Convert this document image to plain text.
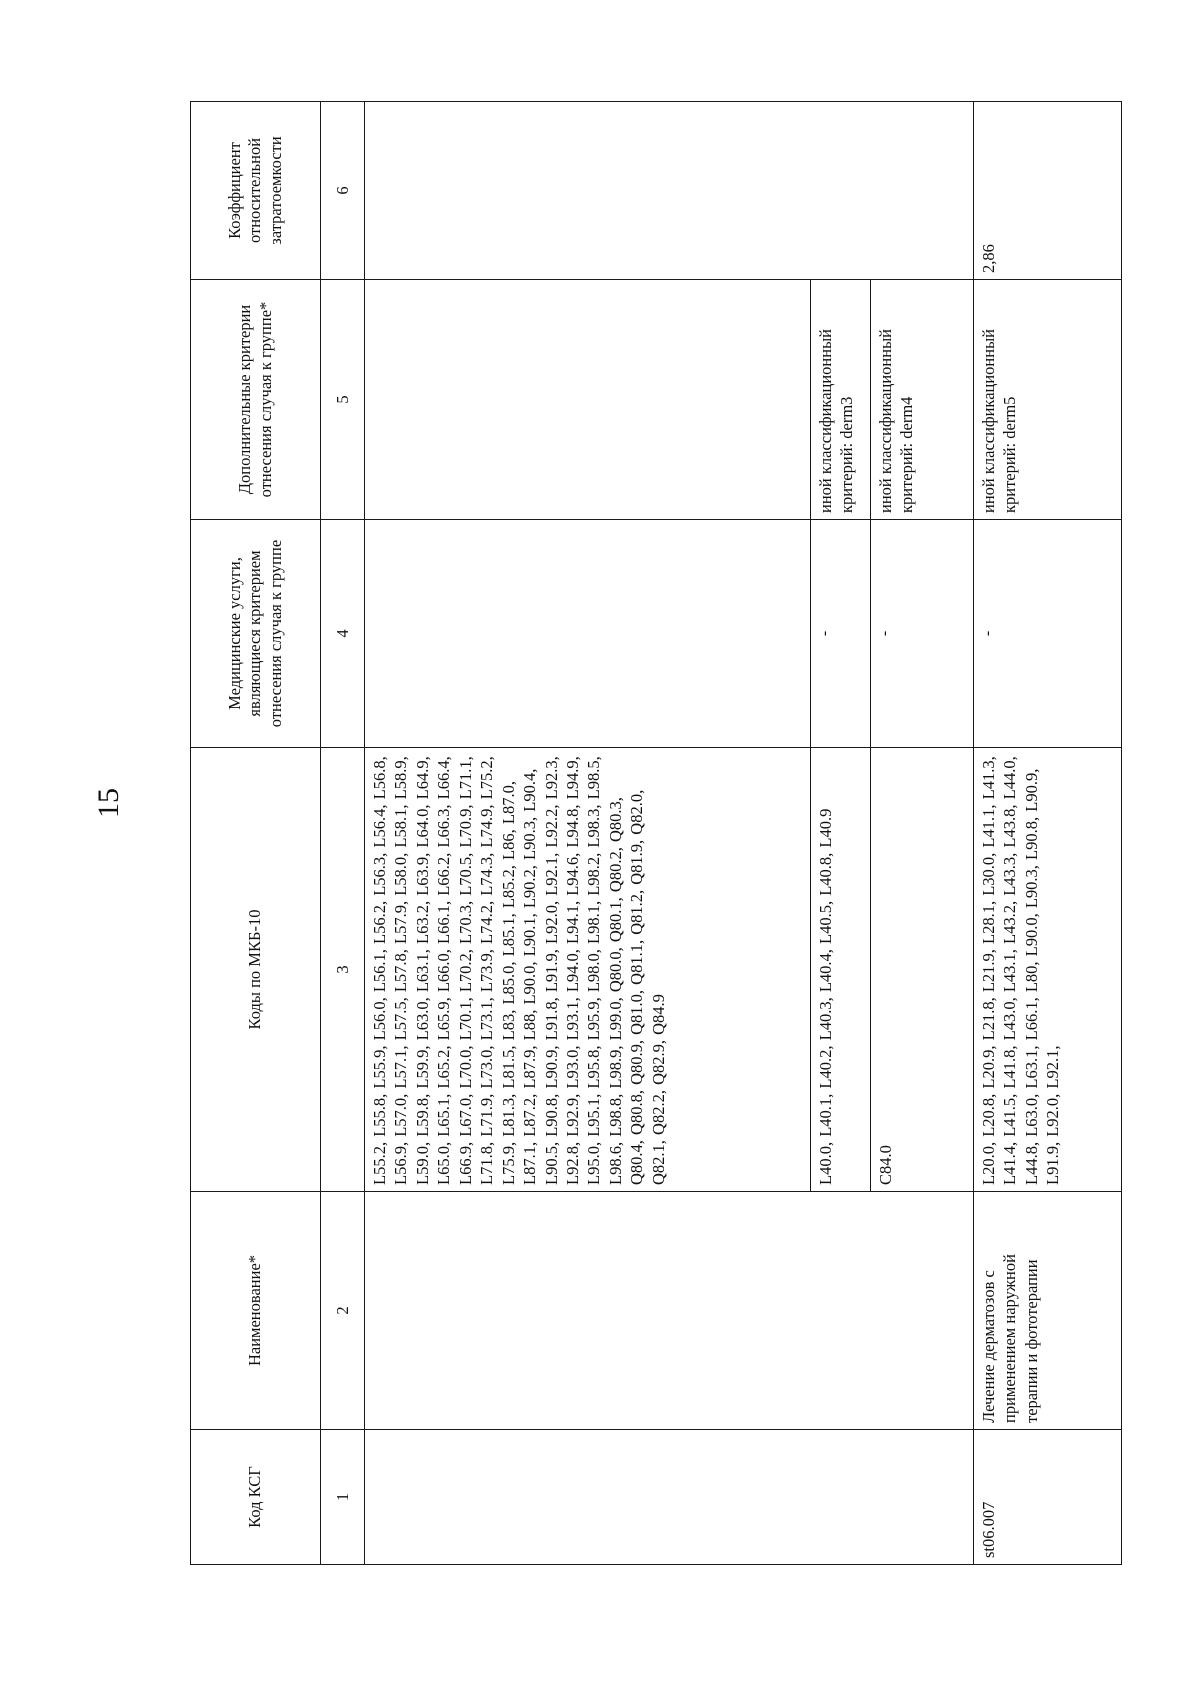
15
Код КСГ	Наименование*	Коды по МКБ-10	Медицинские услуги, являющиеся критерием отнесения случая к группе	Дополнительные критерии отнесения случая к группе*	Коэффициент относительной затратоемкости
1	2	3	4	5	6
		L55.2, L55.8, L55.9, L56.0, L56.1, L56.2, L56.3, L56.4, L56.8, L56.9, L57.0, L57.1, L57.5, L57.8, L57.9, L58.0, L58.1, L58.9, L59.0, L59.8, L59.9, L63.0, L63.1, L63.2, L63.9, L64.0, L64.9, L65.0, L65.1, L65.2, L65.9, L66.0, L66.1, L66.2, L66.3, L66.4, L66.9, L67.0, L70.0, L70.1, L70.2, L70.3, L70.5, L70.9, L71.1, L71.8, L71.9, L73.0, L73.1, L73.9, L74.2, L74.3, L74.9, L75.2, L75.9, L81.3, L81.5, L83, L85.0, L85.1, L85.2, L86, L87.0, L87.1, L87.2, L87.9, L88, L90.0, L90.1, L90.2, L90.3, L90.4, L90.5, L90.8, L90.9, L91.8, L91.9, L92.0, L92.1, L92.2, L92.3, L92.8, L92.9, L93.0, L93.1, L94.0, L94.1, L94.6, L94.8, L94.9, L95.0, L95.1, L95.8, L95.9, L98.0, L98.1, L98.2, L98.3, L98.5, L98.6, L98.8, L98.9, L99.0, Q80.0, Q80.1, Q80.2, Q80.3, Q80.4, Q80.8, Q80.9, Q81.0, Q81.1, Q81.2, Q81.9, Q82.0, Q82.1, Q82.2, Q82.9, Q84.9			
		L40.0, L40.1, L40.2, L40.3, L40.4, L40.5, L40.8, L40.9	-	иной классификационный критерий: derm3	
		C84.0	-	иной классификационный критерий: derm4	
st06.007	Лечение дерматозов с применением наружной терапии и фототерапии	L20.0, L20.8, L20.9, L21.8, L21.9, L28.1, L30.0, L41.1, L41.3, L41.4, L41.5, L41.8, L43.0, L43.1, L43.2, L43.3, L43.8, L44.0, L44.8, L63.0, L63.1, L66.1, L80, L90.0, L90.3, L90.8, L90.9, L91.9, L92.0, L92.1,	-	иной классификационный критерий: derm5	2,86
